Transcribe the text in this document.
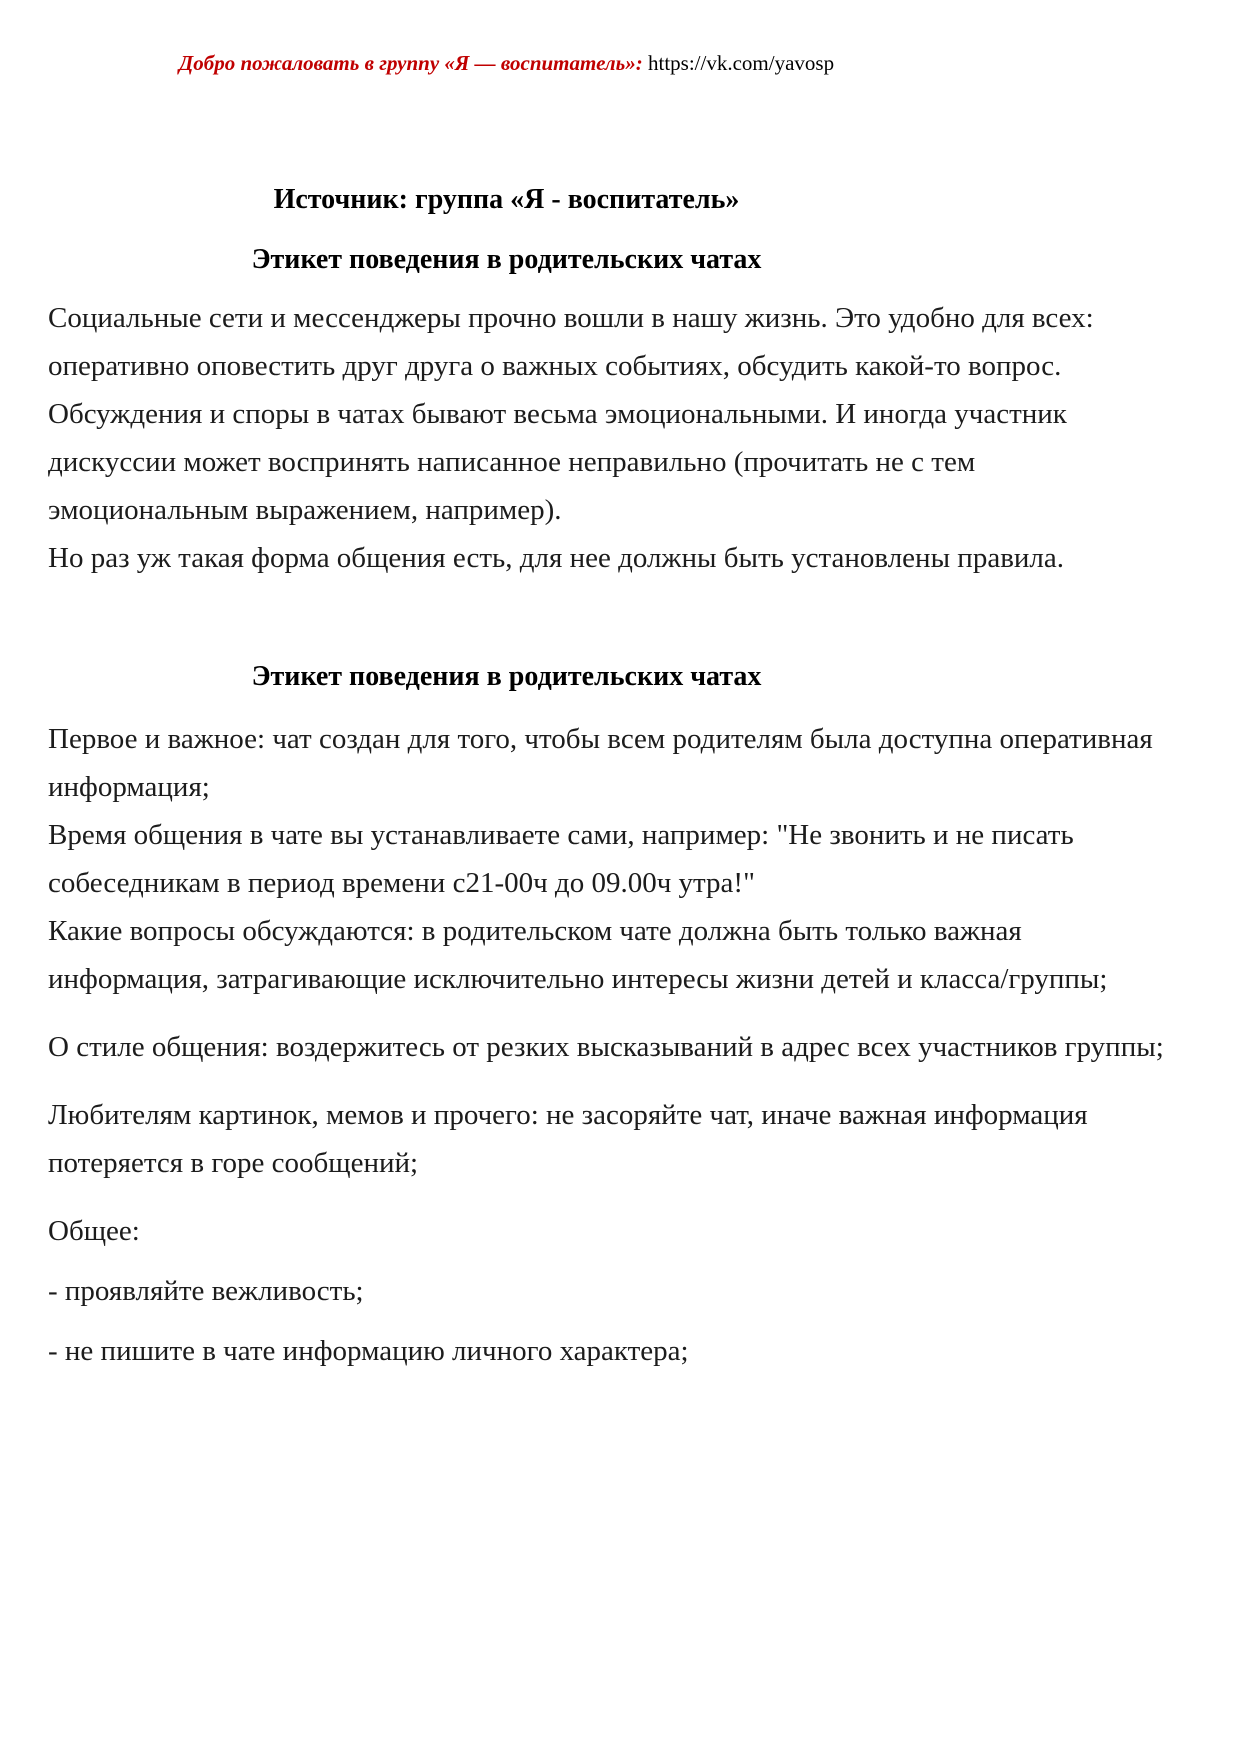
Добро пожаловать в группу «Я — воспитатель»: https://vk.com/yavosp
Источник: группа «Я - воспитатель»
Этикет поведения в родительских чатах

Социальные сети и мессенджеры прочно вошли в нашу жизнь. Это удобно для всех: оперативно оповестить друг друга о важных событиях, обсудить какой-то вопрос. Обсуждения и споры в чатах бывают весьма эмоциональными. И иногда участник дискуссии может воспринять написанное неправильно (прочитать не с тем эмоциональным выражением, например).

Но раз уж такая форма общения есть, для нее должны быть установлены правила.

Этикет поведения в родительских чатах

Первое и важное: чат создан для того, чтобы всем родителям была доступна оперативная информация;

Время общения в чате вы устанавливаете сами, например: "Не звонить и не писать собеседникам в период времени с21-00ч до 09.00ч утра!"

Какие вопросы обсуждаются: в родительском чате должна быть только важная информация, затрагивающие исключительно интересы жизни детей и класса/группы;

О стиле общения: воздержитесь от резких высказываний в адрес всех участников группы;

Любителям картинок, мемов и прочего: не засоряйте чат, иначе важная информация потеряется в горе сообщений;

Общее:

- проявляйте вежливость;

- не пишите в чате информацию личного характера;
